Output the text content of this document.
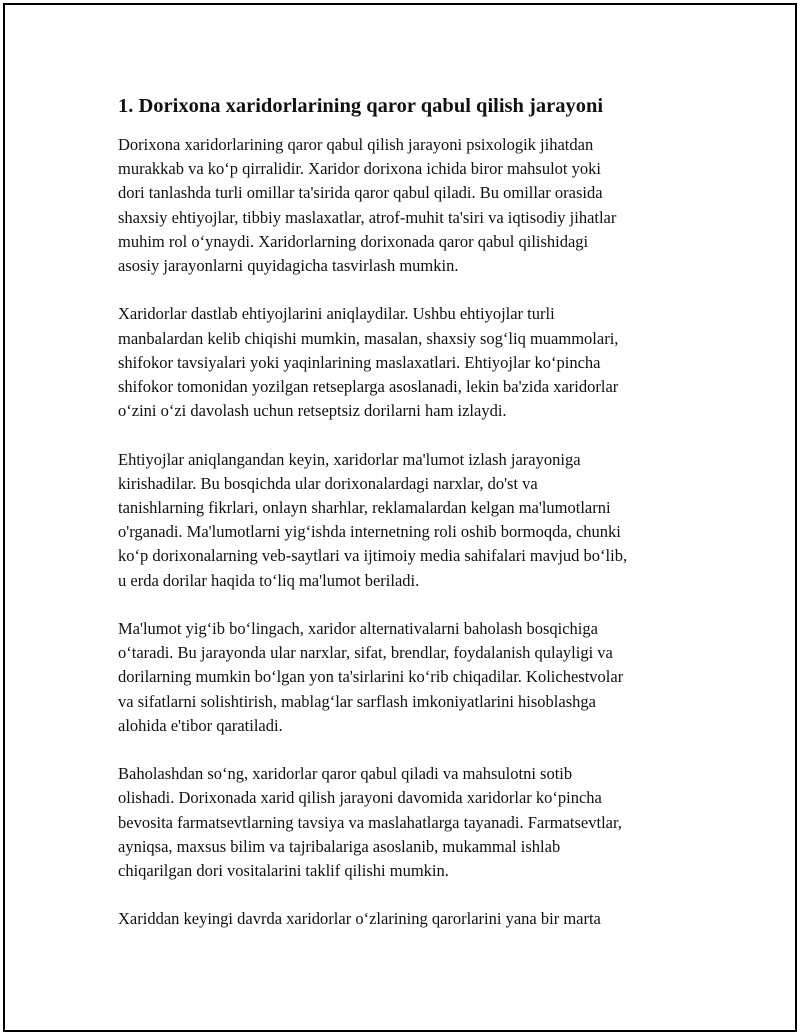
1. Dorixona xaridorlarining qaror qabul qilish jarayoni

Dorixona xaridorlarining qaror qabul qilish jarayoni psixologik jihatdan
murakkab va ko‘p qirralidir. Xaridor dorixona ichida biror mahsulot yoki
dori tanlashda turli omillar ta'sirida qaror qabul qiladi. Bu omillar orasida
shaxsiy ehtiyojlar, tibbiy maslaxatlar, atrof-muhit ta'siri va iqtisodiy jihatlar
muhim rol o‘ynaydi. Xaridorlarning dorixonada qaror qabul qilishidagi
asosiy jarayonlarni quyidagicha tasvirlash mumkin.

Xaridorlar dastlab ehtiyojlarini aniqlaydilar. Ushbu ehtiyojlar turli
manbalardan kelib chiqishi mumkin, masalan, shaxsiy sog‘liq muammolari,
shifokor tavsiyalari yoki yaqinlarining maslaxatlari. Ehtiyojlar ko‘pincha
shifokor tomonidan yozilgan retseplarga asoslanadi, lekin ba'zida xaridorlar
o‘zini o‘zi davolash uchun retseptsiz dorilarni ham izlaydi.

Ehtiyojlar aniqlangandan keyin, xaridorlar ma'lumot izlash jarayoniga
kirishadilar. Bu bosqichda ular dorixonalardagi narxlar, do'st va
tanishlarning fikrlari, onlayn sharhlar, reklamalardan kelgan ma'lumotlarni
o'rganadi. Ma'lumotlarni yig‘ishda internetning roli oshib bormoqda, chunki
ko‘p dorixonalarning veb-saytlari va ijtimoiy media sahifalari mavjud bo‘lib,
u erda dorilar haqida to‘liq ma'lumot beriladi.

Ma'lumot yig‘ib bo‘lingach, xaridor alternativalarni baholash bosqichiga
o‘taradi. Bu jarayonda ular narxlar, sifat, brendlar, foydalanish qulayligi va
dorilarning mumkin bo‘lgan yon ta'sirlarini ko‘rib chiqadilar. Kolichestvolar
va sifatlarni solishtirish, mablag‘lar sarflash imkoniyatlarini hisoblashga
alohida e'tibor qaratiladi.

Baholashdan so‘ng, xaridorlar qaror qabul qiladi va mahsulotni sotib
olishadi. Dorixonada xarid qilish jarayoni davomida xaridorlar ko‘pincha
bevosita farmatsevtlarning tavsiya va maslahatlarga tayanadi. Farmatsevtlar,
ayniqsa, maxsus bilim va tajribalariga asoslanib, mukammal ishlab
chiqarilgan dori vositalarini taklif qilishi mumkin.

Xariddan keyingi davrda xaridorlar o‘zlarining qarorlarini yana bir marta
